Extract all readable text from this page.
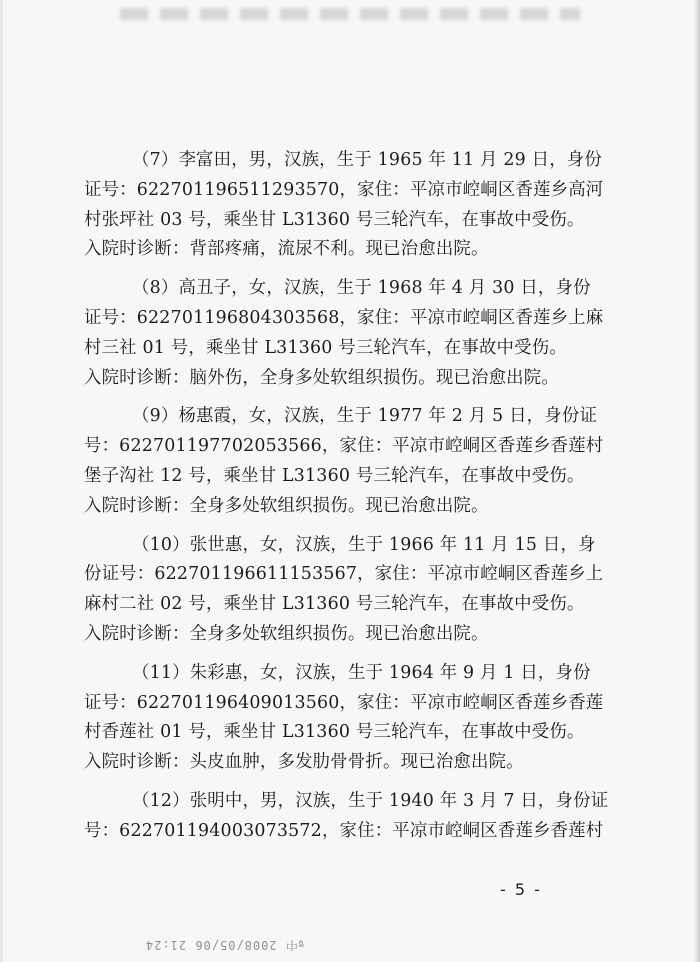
（7）李富田，男，汉族，生于 1965 年 11 月 29 日，身份
证号：622701196511293570，家住：平凉市崆峒区香莲乡高河
村张坪社 03 号，乘坐甘 L31360 号三轮汽车，在事故中受伤。
入院时诊断：背部疼痛，流尿不利。现已治愈出院。
（8）高丑子，女，汉族，生于 1968 年 4 月 30 日，身份
证号：622701196804303568，家住：平凉市崆峒区香莲乡上麻
村三社 01 号，乘坐甘 L31360 号三轮汽车，在事故中受伤。
入院时诊断：脑外伤，全身多处软组织损伤。现已治愈出院。
（9）杨惠霞，女，汉族，生于 1977 年 2 月 5 日，身份证
号：622701197702053566，家住：平凉市崆峒区香莲乡香莲村
堡子沟社 12 号，乘坐甘 L31360 号三轮汽车，在事故中受伤。
入院时诊断：全身多处软组织损伤。现已治愈出院。
（10）张世惠，女，汉族，生于 1966 年 11 月 15 日，身
份证号：622701196611153567，家住：平凉市崆峒区香莲乡上
麻村二社 02 号，乘坐甘 L31360 号三轮汽车，在事故中受伤。
入院时诊断：全身多处软组织损伤。现已治愈出院。
（11）朱彩惠，女，汉族，生于 1964 年 9 月 1 日，身份
证号：622701196409013560，家住：平凉市崆峒区香莲乡香莲
村香莲社 01 号，乘坐甘 L31360 号三轮汽车，在事故中受伤。
入院时诊断：头皮血肿，多发肋骨骨折。现已治愈出院。
（12）张明中，男，汉族，生于 1940 年 3 月 7 日，身份证
号：622701194003073572，家住：平凉市崆峒区香莲乡香莲村
- 5 -
ᢐ中 2008/05/06 21:24
